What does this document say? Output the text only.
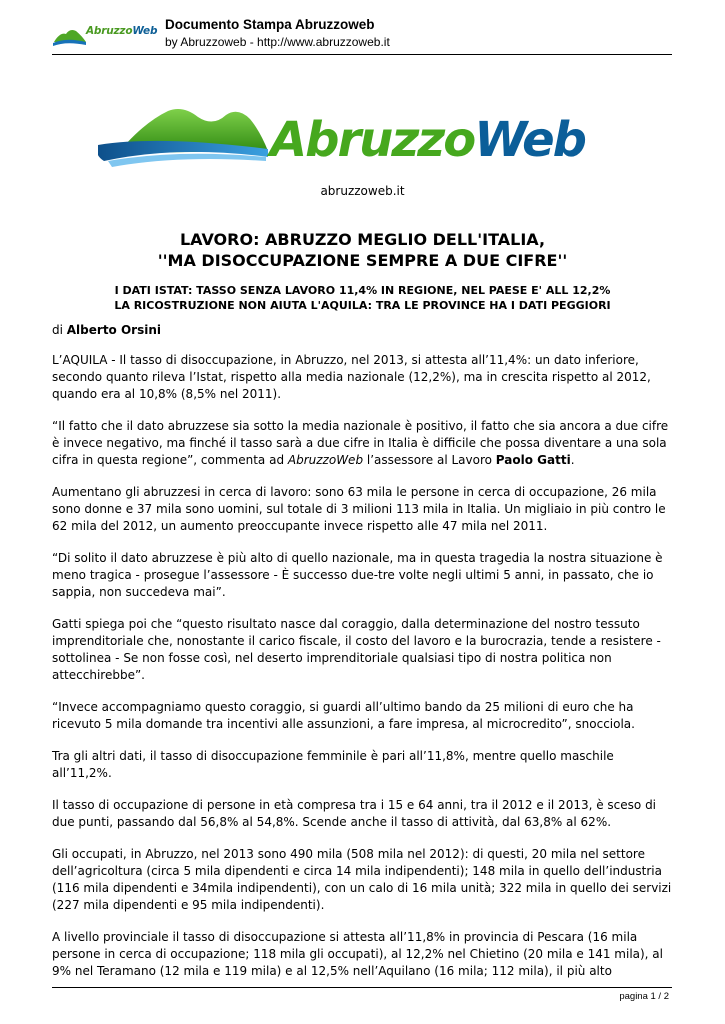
AbruzzoWeb Documento Stampa Abruzzoweb
by Abruzzoweb - http://www.abruzzoweb.it
AbruzzoWeb
abruzzoweb.it
LAVORO: ABRUZZO MEGLIO DELL'ITALIA,
''MA DISOCCUPAZIONE SEMPRE A DUE CIFRE''
I DATI ISTAT: TASSO SENZA LAVORO 11,4% IN REGIONE, NEL PAESE E' ALL 12,2%
LA RICOSTRUZIONE NON AIUTA L'AQUILA: TRA LE PROVINCE HA I DATI PEGGIORI

di Alberto Orsini

L’AQUILA - Il tasso di disoccupazione, in Abruzzo, nel 2013, si attesta all’11,4%: un dato inferiore, secondo quanto rileva l’Istat, rispetto alla media nazionale (12,2%), ma in crescita rispetto al 2012, quando era al 10,8% (8,5% nel 2011).

“Il fatto che il dato abruzzese sia sotto la media nazionale è positivo, il fatto che sia ancora a due cifre è invece negativo, ma finché il tasso sarà a due cifre in Italia è difficile che possa diventare a una sola cifra in questa regione”, commenta ad AbruzzoWeb l’assessore al Lavoro Paolo Gatti.

Aumentano gli abruzzesi in cerca di lavoro: sono 63 mila le persone in cerca di occupazione, 26 mila sono donne e 37 mila sono uomini, sul totale di 3 milioni 113 mila in Italia. Un migliaio in più contro le 62 mila del 2012, un aumento preoccupante invece rispetto alle 47 mila nel 2011.

“Di solito il dato abruzzese è più alto di quello nazionale, ma in questa tragedia la nostra situazione è meno tragica - prosegue l’assessore - È successo due-tre volte negli ultimi 5 anni, in passato, che io sappia, non succedeva mai”.

Gatti spiega poi che “questo risultato nasce dal coraggio, dalla determinazione del nostro tessuto imprenditoriale che, nonostante il carico fiscale, il costo del lavoro e la burocrazia, tende a resistere - sottolinea - Se non fosse così, nel deserto imprenditoriale qualsiasi tipo di nostra politica non attecchirebbe”.

“Invece accompagniamo questo coraggio, si guardi all’ultimo bando da 25 milioni di euro che ha ricevuto 5 mila domande tra incentivi alle assunzioni, a fare impresa, al microcredito”, snocciola.

Tra gli altri dati, il tasso di disoccupazione femminile è pari all’11,8%, mentre quello maschile all’11,2%.

Il tasso di occupazione di persone in età compresa tra i 15 e 64 anni, tra il 2012 e il 2013, è sceso di due punti, passando dal 56,8% al 54,8%. Scende anche il tasso di attività, dal 63,8% al 62%.

Gli occupati, in Abruzzo, nel 2013 sono 490 mila (508 mila nel 2012): di questi, 20 mila nel settore dell’agricoltura (circa 5 mila dipendenti e circa 14 mila indipendenti); 148 mila in quello dell’industria (116 mila dipendenti e 34mila indipendenti), con un calo di 16 mila unità; 322 mila in quello dei servizi (227 mila dipendenti e 95 mila indipendenti).

A livello provinciale il tasso di disoccupazione si attesta all’11,8% in provincia di Pescara (16 mila persone in cerca di occupazione; 118 mila gli occupati), al 12,2% nel Chietino (20 mila e 141 mila), al 9% nel Teramano (12 mila e 119 mila) e al 12,5% nell’Aquilano (16 mila; 112 mila), il più alto

pagina 1 / 2
